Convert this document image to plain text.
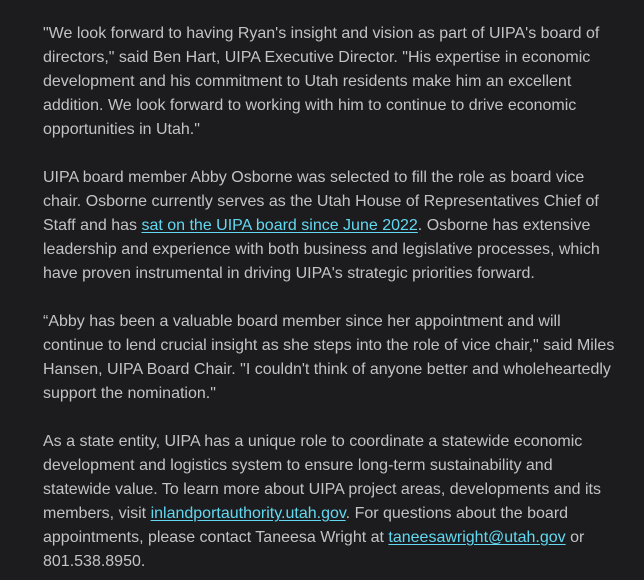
"We look forward to having Ryan's insight and vision as part of UIPA's board of directors," said Ben Hart, UIPA Executive Director. "His expertise in economic development and his commitment to Utah residents make him an excellent addition. We look forward to working with him to continue to drive economic opportunities in Utah."

UIPA board member Abby Osborne was selected to fill the role as board vice chair. Osborne currently serves as the Utah House of Representatives Chief of Staff and has sat on the UIPA board since June 2022. Osborne has extensive leadership and experience with both business and legislative processes, which have proven instrumental in driving UIPA's strategic priorities forward.

“Abby has been a valuable board member since her appointment and will continue to lend crucial insight as she steps into the role of vice chair," said Miles Hansen, UIPA Board Chair. "I couldn't think of anyone better and wholeheartedly support the nomination."

As a state entity, UIPA has a unique role to coordinate a statewide economic development and logistics system to ensure long-term sustainability and statewide value. To learn more about UIPA project areas, developments and its members, visit inlandportauthority.utah.gov. For questions about the board appointments, please contact Taneesa Wright at taneesawright@utah.gov or 801.538.8950.
